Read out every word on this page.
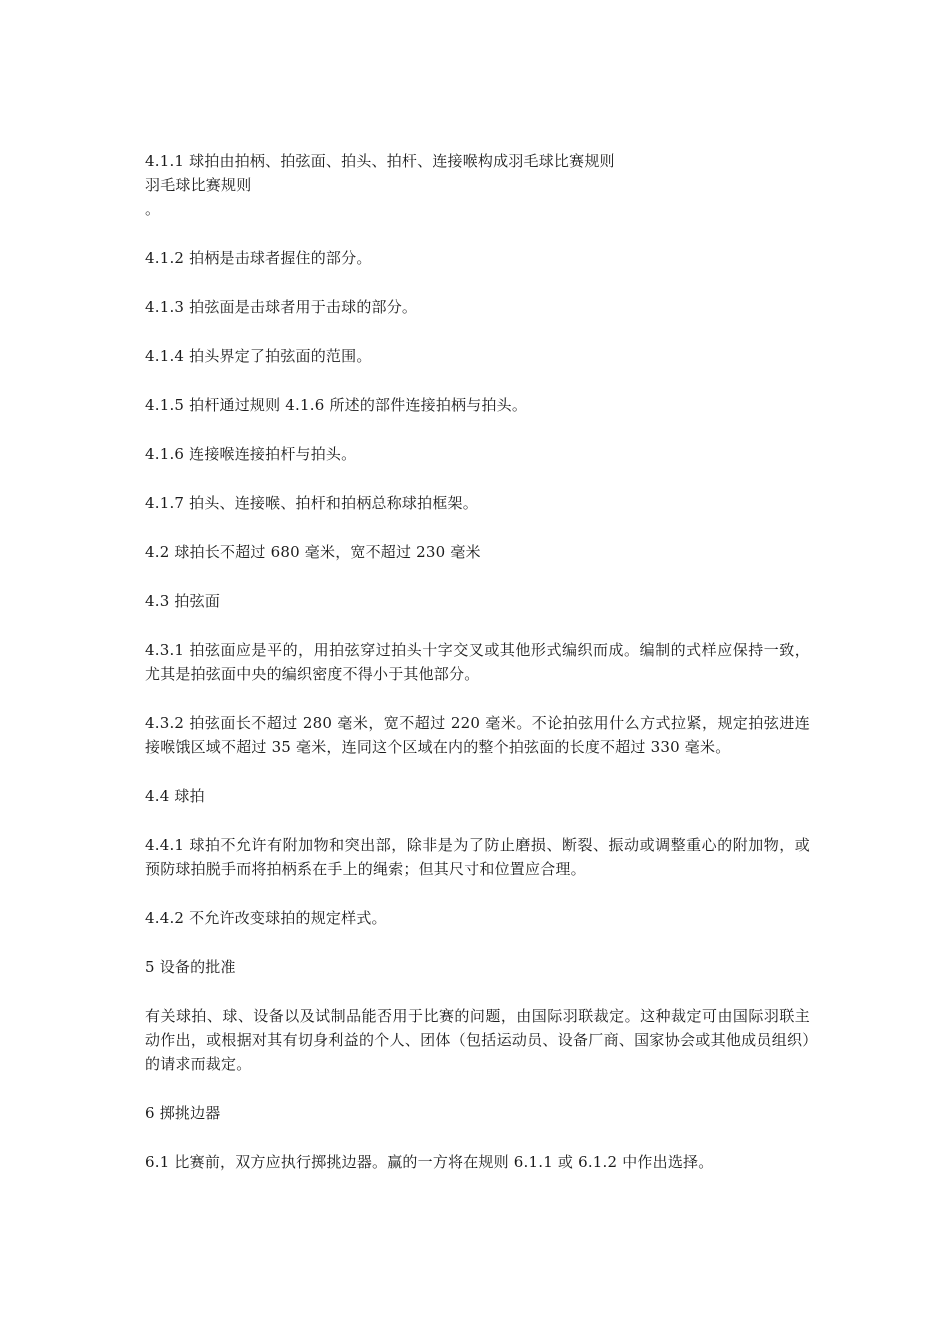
4.1.1 球拍由拍柄、拍弦面、拍头、拍杆、连接喉构成羽毛球比赛规则
羽毛球比赛规则
。

4.1.2 拍柄是击球者握住的部分。

4.1.3 拍弦面是击球者用于击球的部分。

4.1.4 拍头界定了拍弦面的范围。

4.1.5 拍杆通过规则 4.1.6 所述的部件连接拍柄与拍头。

4.1.6 连接喉连接拍杆与拍头。

4.1.7 拍头、连接喉、拍杆和拍柄总称球拍框架。

4.2 球拍长不超过 680 毫米，宽不超过 230 毫米

4.3 拍弦面

4.3.1 拍弦面应是平的，用拍弦穿过拍头十字交叉或其他形式编织而成。编制的式样应保持一致，尤其是拍弦面中央的编织密度不得小于其他部分。

4.3.2 拍弦面长不超过 280 毫米，宽不超过 220 毫米。不论拍弦用什么方式拉紧，规定拍弦进连接喉饿区域不超过 35 毫米，连同这个区域在内的整个拍弦面的长度不超过 330 毫米。

4.4 球拍

4.4.1 球拍不允许有附加物和突出部，除非是为了防止磨损、断裂、振动或调整重心的附加物，或预防球拍脱手而将拍柄系在手上的绳索；但其尺寸和位置应合理。

4.4.2 不允许改变球拍的规定样式。

5 设备的批准

有关球拍、球、设备以及试制品能否用于比赛的问题，由国际羽联裁定。这种裁定可由国际羽联主动作出，或根据对其有切身利益的个人、团体（包括运动员、设备厂商、国家协会或其他成员组织）的请求而裁定。

6 掷挑边器

6.1 比赛前，双方应执行掷挑边器。赢的一方将在规则 6.1.1 或 6.1.2 中作出选择。
